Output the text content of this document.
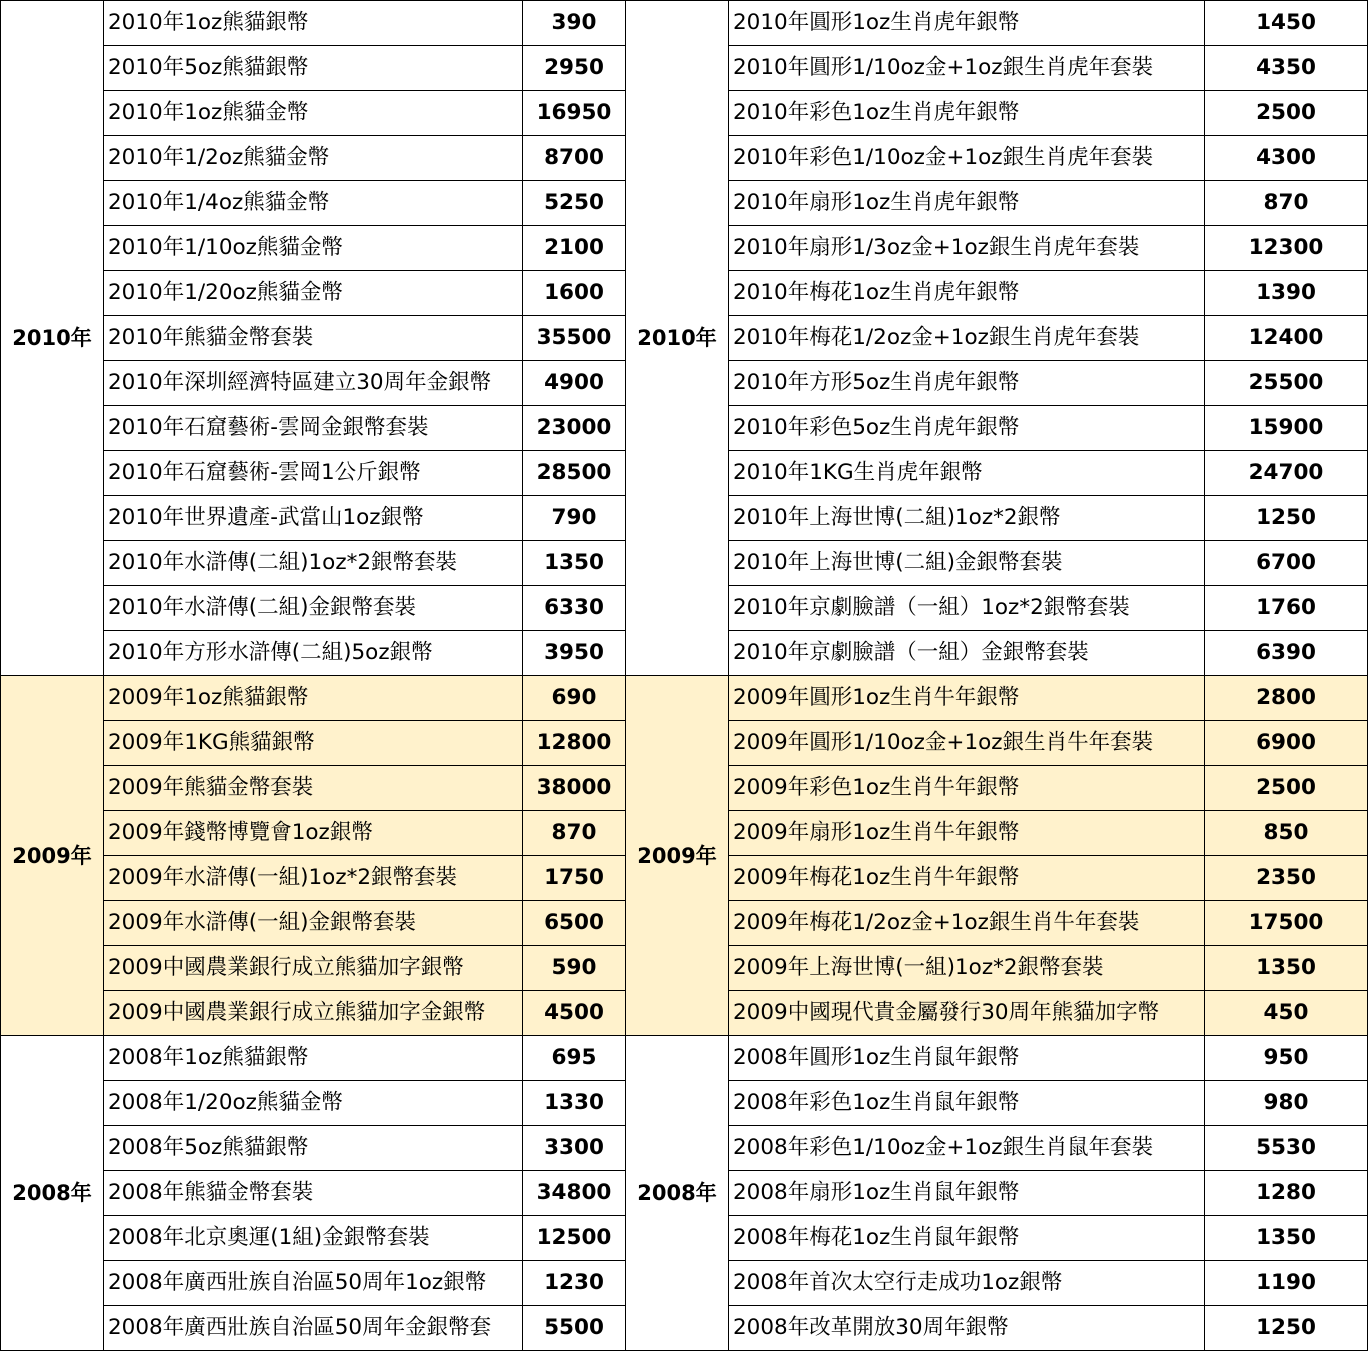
2010年	2010年1oz熊貓銀幣	390	2010年	2010年圓形1oz生肖虎年銀幣	1450
	2010年5oz熊貓銀幣	2950		2010年圓形1/10oz金+1oz銀生肖虎年套裝	4350
	2010年1oz熊貓金幣	16950		2010年彩色1oz生肖虎年銀幣	2500
	2010年1/2oz熊貓金幣	8700		2010年彩色1/10oz金+1oz銀生肖虎年套裝	4300
	2010年1/4oz熊貓金幣	5250		2010年扇形1oz生肖虎年銀幣	870
	2010年1/10oz熊貓金幣	2100		2010年扇形1/3oz金+1oz銀生肖虎年套裝	12300
	2010年1/20oz熊貓金幣	1600		2010年梅花1oz生肖虎年銀幣	1390
	2010年熊貓金幣套裝	35500		2010年梅花1/2oz金+1oz銀生肖虎年套裝	12400
	2010年深圳經濟特區建立30周年金銀幣	4900		2010年方形5oz生肖虎年銀幣	25500
	2010年石窟藝術-雲岡金銀幣套裝	23000		2010年彩色5oz生肖虎年銀幣	15900
	2010年石窟藝術-雲岡1公斤銀幣	28500		2010年1KG生肖虎年銀幣	24700
	2010年世界遺產-武當山1oz銀幣	790		2010年上海世博(二組)1oz*2銀幣	1250
	2010年水滸傳(二組)1oz*2銀幣套裝	1350		2010年上海世博(二組)金銀幣套裝	6700
	2010年水滸傳(二組)金銀幣套裝	6330		2010年京劇臉譜（一組）1oz*2銀幣套裝	1760
	2010年方形水滸傳(二組)5oz銀幣	3950		2010年京劇臉譜（一組）金銀幣套裝	6390
2009年	2009年1oz熊貓銀幣	690	2009年	2009年圓形1oz生肖牛年銀幣	2800
	2009年1KG熊貓銀幣	12800		2009年圓形1/10oz金+1oz銀生肖牛年套裝	6900
	2009年熊貓金幣套裝	38000		2009年彩色1oz生肖牛年銀幣	2500
	2009年錢幣博覽會1oz銀幣	870		2009年扇形1oz生肖牛年銀幣	850
	2009年水滸傳(一組)1oz*2銀幣套裝	1750		2009年梅花1oz生肖牛年銀幣	2350
	2009年水滸傳(一組)金銀幣套裝	6500		2009年梅花1/2oz金+1oz銀生肖牛年套裝	17500
	2009中國農業銀行成立熊貓加字銀幣	590		2009年上海世博(一組)1oz*2銀幣套裝	1350
	2009中國農業銀行成立熊貓加字金銀幣	4500		2009中國現代貴金屬發行30周年熊貓加字幣	450
2008年	2008年1oz熊貓銀幣	695	2008年	2008年圓形1oz生肖鼠年銀幣	950
	2008年1/20oz熊貓金幣	1330		2008年彩色1oz生肖鼠年銀幣	980
	2008年5oz熊貓銀幣	3300		2008年彩色1/10oz金+1oz銀生肖鼠年套裝	5530
	2008年熊貓金幣套裝	34800		2008年扇形1oz生肖鼠年銀幣	1280
	2008年北京奧運(1組)金銀幣套裝	12500		2008年梅花1oz生肖鼠年銀幣	1350
	2008年廣西壯族自治區50周年1oz銀幣	1230		2008年首次太空行走成功1oz銀幣	1190
	2008年廣西壯族自治區50周年金銀幣套	5500		2008年改革開放30周年銀幣	1250
